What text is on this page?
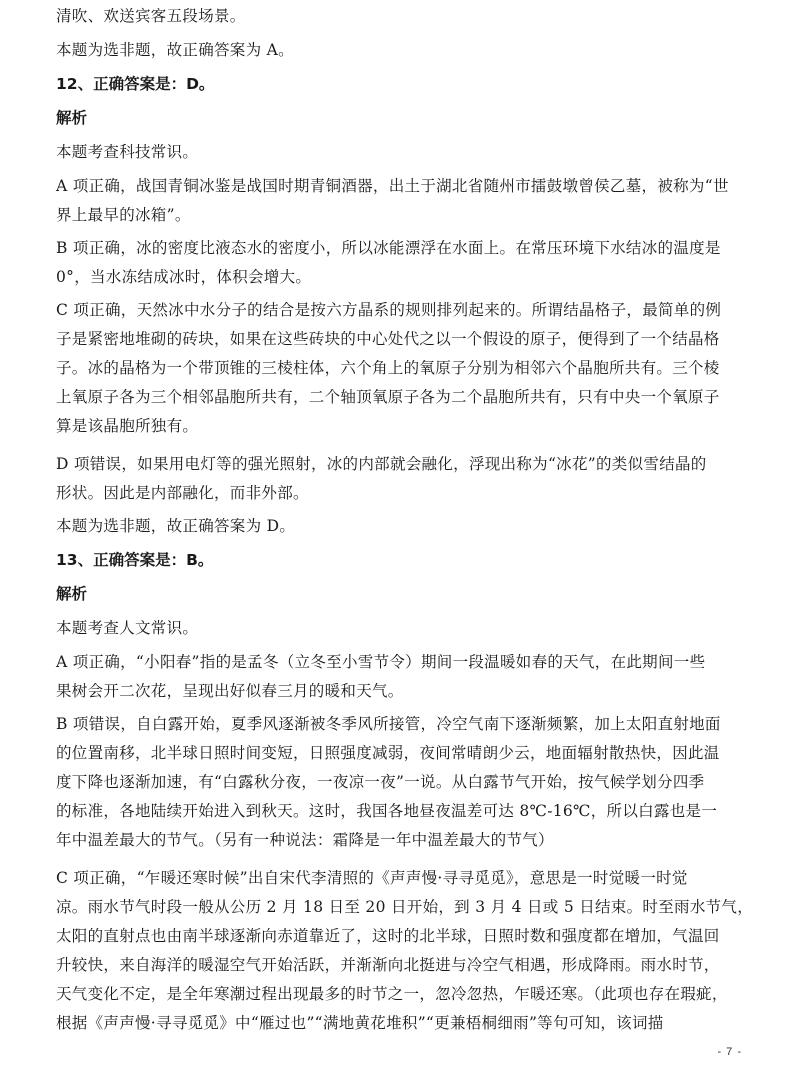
清吹、欢送宾客五段场景。
本题为选非题，故正确答案为 A。
12、正确答案是：D。
解析
本题考查科技常识。
A 项正确，战国青铜冰鉴是战国时期青铜酒器，出土于湖北省随州市擂鼓墩曾侯乙墓，被称为“世
界上最早的冰箱”。
B 项正确，冰的密度比液态水的密度小，所以冰能漂浮在水面上。在常压环境下水结冰的温度是
0°，当水冻结成冰时，体积会增大。
C 项正确，天然冰中水分子的结合是按六方晶系的规则排列起来的。所谓结晶格子，最简单的例
子是紧密地堆砌的砖块，如果在这些砖块的中心处代之以一个假设的原子，便得到了一个结晶格
子。冰的晶格为一个带顶锥的三棱柱体，六个角上的氧原子分别为相邻六个晶胞所共有。三个棱
上氧原子各为三个相邻晶胞所共有，二个轴顶氧原子各为二个晶胞所共有，只有中央一个氧原子
算是该晶胞所独有。
D 项错误，如果用电灯等的强光照射，冰的内部就会融化，浮现出称为“冰花”的类似雪结晶的
形状。因此是内部融化，而非外部。
本题为选非题，故正确答案为 D。
13、正确答案是：B。
解析
本题考查人文常识。
A 项正确，“小阳春”指的是孟冬（立冬至小雪节令）期间一段温暖如春的天气，在此期间一些
果树会开二次花，呈现出好似春三月的暖和天气。
B 项错误，自白露开始，夏季风逐渐被冬季风所接管，冷空气南下逐渐频繁，加上太阳直射地面
的位置南移，北半球日照时间变短，日照强度减弱，夜间常晴朗少云，地面辐射散热快，因此温
度下降也逐渐加速，有“白露秋分夜，一夜凉一夜”一说。从白露节气开始，按气候学划分四季
的标准，各地陆续开始进入到秋天。这时，我国各地昼夜温差可达 8℃-16℃，所以白露也是一
年中温差最大的节气。（另有一种说法：霜降是一年中温差最大的节气）
C 项正确，“乍暖还寒时候”出自宋代李清照的《声声慢·寻寻觅觅》，意思是一时觉暖一时觉
凉。雨水节气时段一般从公历 2 月 18 日至 20 日开始，到 3 月 4 日或 5 日结束。时至雨水节气，
太阳的直射点也由南半球逐渐向赤道靠近了，这时的北半球，日照时数和强度都在增加，气温回
升较快，来自海洋的暖湿空气开始活跃，并渐渐向北挺进与冷空气相遇，形成降雨。雨水时节，
天气变化不定，是全年寒潮过程出现最多的时节之一，忽冷忽热，乍暖还寒。（此项也存在瑕疵，
根据《声声慢·寻寻觅觅》中“雁过也”“满地黄花堆积”“更兼梧桐细雨”等句可知，该词描
- 7 -
